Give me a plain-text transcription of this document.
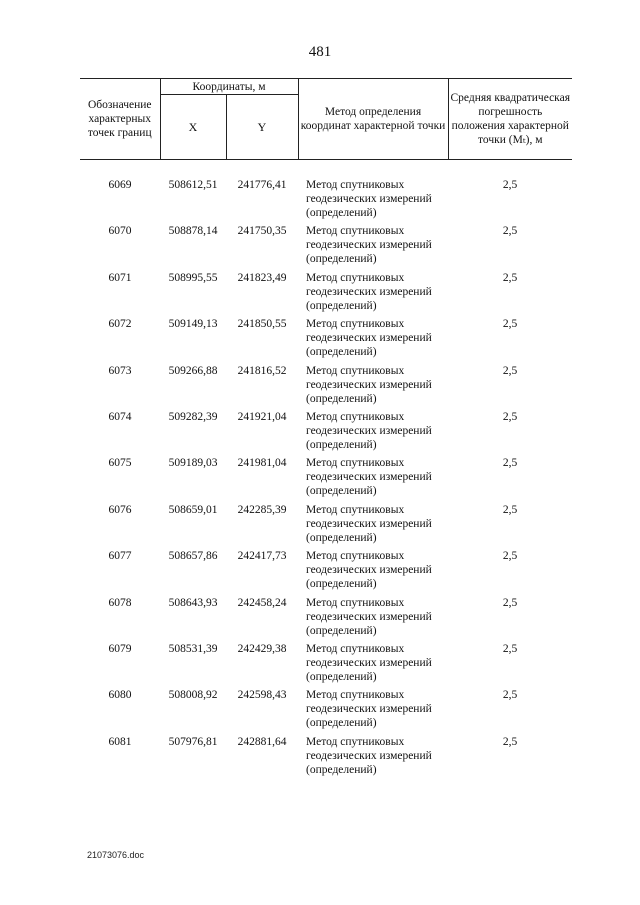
481
Обозначение характерных точек границ	Координаты, м		Метод определения координат характерной точки	Средняя квадратическая погрешность положения характерной точки (Mₜ), м
	X	Y		
6069	508612,51	241776,41	Метод спутниковых геодезических измерений (определений)	2,5
6070	508878,14	241750,35	Метод спутниковых геодезических измерений (определений)	2,5
6071	508995,55	241823,49	Метод спутниковых геодезических измерений (определений)	2,5
6072	509149,13	241850,55	Метод спутниковых геодезических измерений (определений)	2,5
6073	509266,88	241816,52	Метод спутниковых геодезических измерений (определений)	2,5
6074	509282,39	241921,04	Метод спутниковых геодезических измерений (определений)	2,5
6075	509189,03	241981,04	Метод спутниковых геодезических измерений (определений)	2,5
6076	508659,01	242285,39	Метод спутниковых геодезических измерений (определений)	2,5
6077	508657,86	242417,73	Метод спутниковых геодезических измерений (определений)	2,5
6078	508643,93	242458,24	Метод спутниковых геодезических измерений (определений)	2,5
6079	508531,39	242429,38	Метод спутниковых геодезических измерений (определений)	2,5
6080	508008,92	242598,43	Метод спутниковых геодезических измерений (определений)	2,5
6081	507976,81	242881,64	Метод спутниковых геодезических измерений (определений)	2,5
21073076.doc
